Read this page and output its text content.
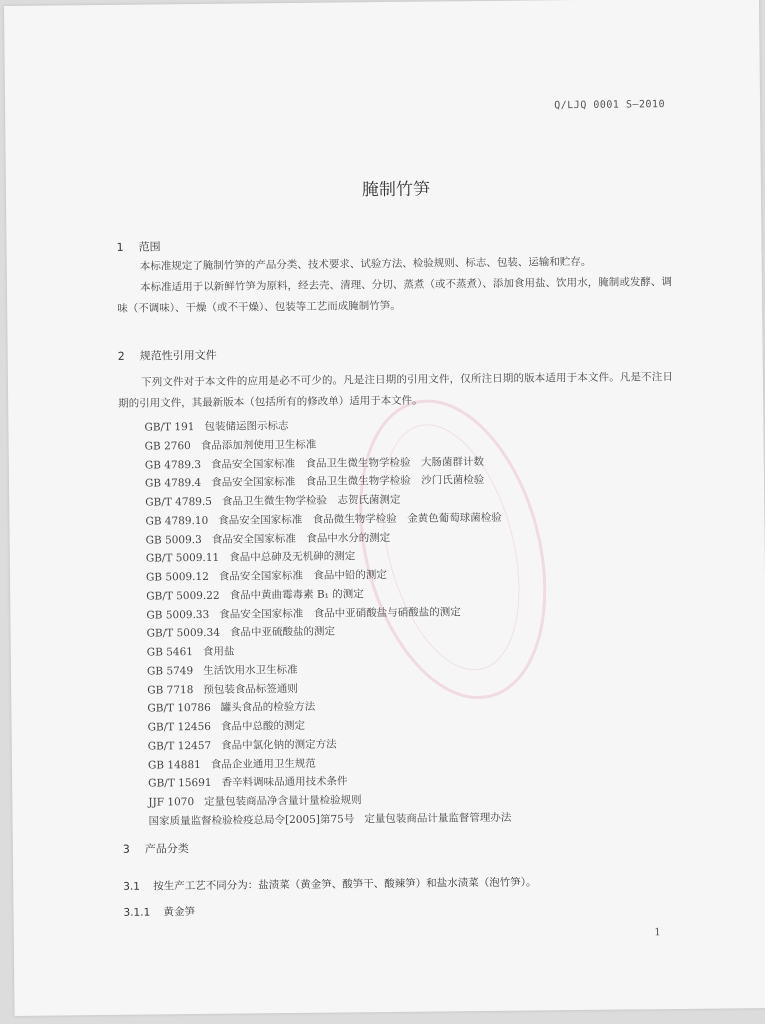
Q/LJQ 0001 S—2010
腌制竹笋
1 范围

本标准规定了腌制竹笋的产品分类、技术要求、试验方法、检验规则、标志、包装、运输和贮存。

本标准适用于以新鲜竹笋为原料，经去壳、清理、分切、蒸煮（或不蒸煮）、添加食用盐、饮用水，腌制或发酵、调味（不调味）、干燥（或不干燥）、包装等工艺而成腌制竹笋。

2 规范性引用文件

下列文件对于本文件的应用是必不可少的。凡是注日期的引用文件，仅所注日期的版本适用于本文件。凡是不注日期的引用文件，其最新版本（包括所有的修改单）适用于本文件。

GB/T 191 包装储运图示标志
GB 2760 食品添加剂使用卫生标准
GB 4789.3 食品安全国家标准　食品卫生微生物学检验　大肠菌群计数
GB 4789.4 食品安全国家标准　食品卫生微生物学检验　沙门氏菌检验
GB/T 4789.5 食品卫生微生物学检验　志贺氏菌测定
GB 4789.10 食品安全国家标准　食品微生物学检验　金黄色葡萄球菌检验
GB 5009.3 食品安全国家标准　食品中水分的测定
GB/T 5009.11 食品中总砷及无机砷的测定
GB 5009.12 食品安全国家标准　食品中铅的测定
GB/T 5009.22 食品中黄曲霉毒素 B₁ 的测定
GB 5009.33 食品安全国家标准　食品中亚硝酸盐与硝酸盐的测定
GB/T 5009.34 食品中亚硫酸盐的测定
GB 5461 食用盐
GB 5749 生活饮用水卫生标准
GB 7718 预包装食品标签通则
GB/T 10786 罐头食品的检验方法
GB/T 12456 食品中总酸的测定
GB/T 12457 食品中氯化钠的测定方法
GB 14881 食品企业通用卫生规范
GB/T 15691 香辛料调味品通用技术条件
JJF 1070 定量包装商品净含量计量检验规则
国家质量监督检验检疫总局令[2005]第75号 定量包装商品计量监督管理办法
3 产品分类
3.1 按生产工艺不同分为：盐渍菜（黄金笋、酸笋干、酸辣笋）和盐水渍菜（泡竹笋）。
3.1.1 黄金笋
1
